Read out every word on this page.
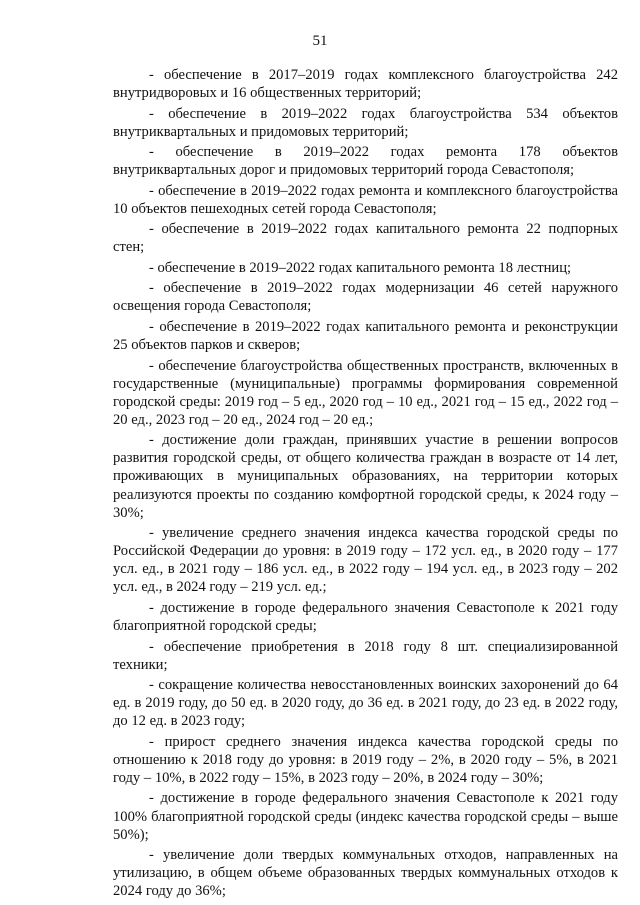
51

- обеспечение в 2017–2019 годах комплексного благоустройства 242 внутридворовых и 16 общественных территорий;

- обеспечение в 2019–2022 годах благоустройства 534 объектов внутриквартальных и придомовых территорий;

- обеспечение в 2019–2022 годах ремонта 178 объектов внутриквартальных дорог и придомовых территорий города Севастополя;

- обеспечение в 2019–2022 годах ремонта и комплексного благоустройства 10 объектов пешеходных сетей города Севастополя;

- обеспечение в 2019–2022 годах капитального ремонта 22 подпорных стен;

- обеспечение в 2019–2022 годах капитального ремонта 18 лестниц;

- обеспечение в 2019–2022 годах модернизации 46 сетей наружного освещения города Севастополя;

- обеспечение в 2019–2022 годах капитального ремонта и реконструкции 25 объектов парков и скверов;

- обеспечение благоустройства общественных пространств, включенных в государственные (муниципальные) программы формирования современной городской среды: 2019 год – 5 ед., 2020 год – 10 ед., 2021 год – 15 ед., 2022 год – 20 ед., 2023 год – 20 ед., 2024 год – 20 ед.;

- достижение доли граждан, принявших участие в решении вопросов развития городской среды, от общего количества граждан в возрасте от 14 лет, проживающих в муниципальных образованиях, на территории которых реализуются проекты по созданию комфортной городской среды, к 2024 году – 30%;

- увеличение среднего значения индекса качества городской среды по Российской Федерации до уровня: в 2019 году – 172 усл. ед., в 2020 году – 177 усл. ед., в 2021 году – 186 усл. ед., в 2022 году – 194 усл. ед., в 2023 году – 202 усл. ед., в 2024 году – 219 усл. ед.;

- достижение в городе федерального значения Севастополе к 2021 году благоприятной городской среды;

- обеспечение приобретения в 2018 году 8 шт. специализированной техники;

- сокращение количества невосстановленных воинских захоронений до 64 ед. в 2019 году, до 50 ед. в 2020 году, до 36 ед. в 2021 году, до 23 ед. в 2022 году, до 12 ед. в 2023 году;

- прирост среднего значения индекса качества городской среды по отношению к 2018 году до уровня: в 2019 году – 2%, в 2020 году – 5%, в 2021 году – 10%, в 2022 году – 15%, в 2023 году – 20%, в 2024 году – 30%;

- достижение в городе федерального значения Севастополе к 2021 году 100% благоприятной городской среды (индекс качества городской среды – выше 50%);

- увеличение доли твердых коммунальных отходов, направленных на утилизацию, в общем объеме образованных твердых коммунальных отходов к 2024 году до 36%;
